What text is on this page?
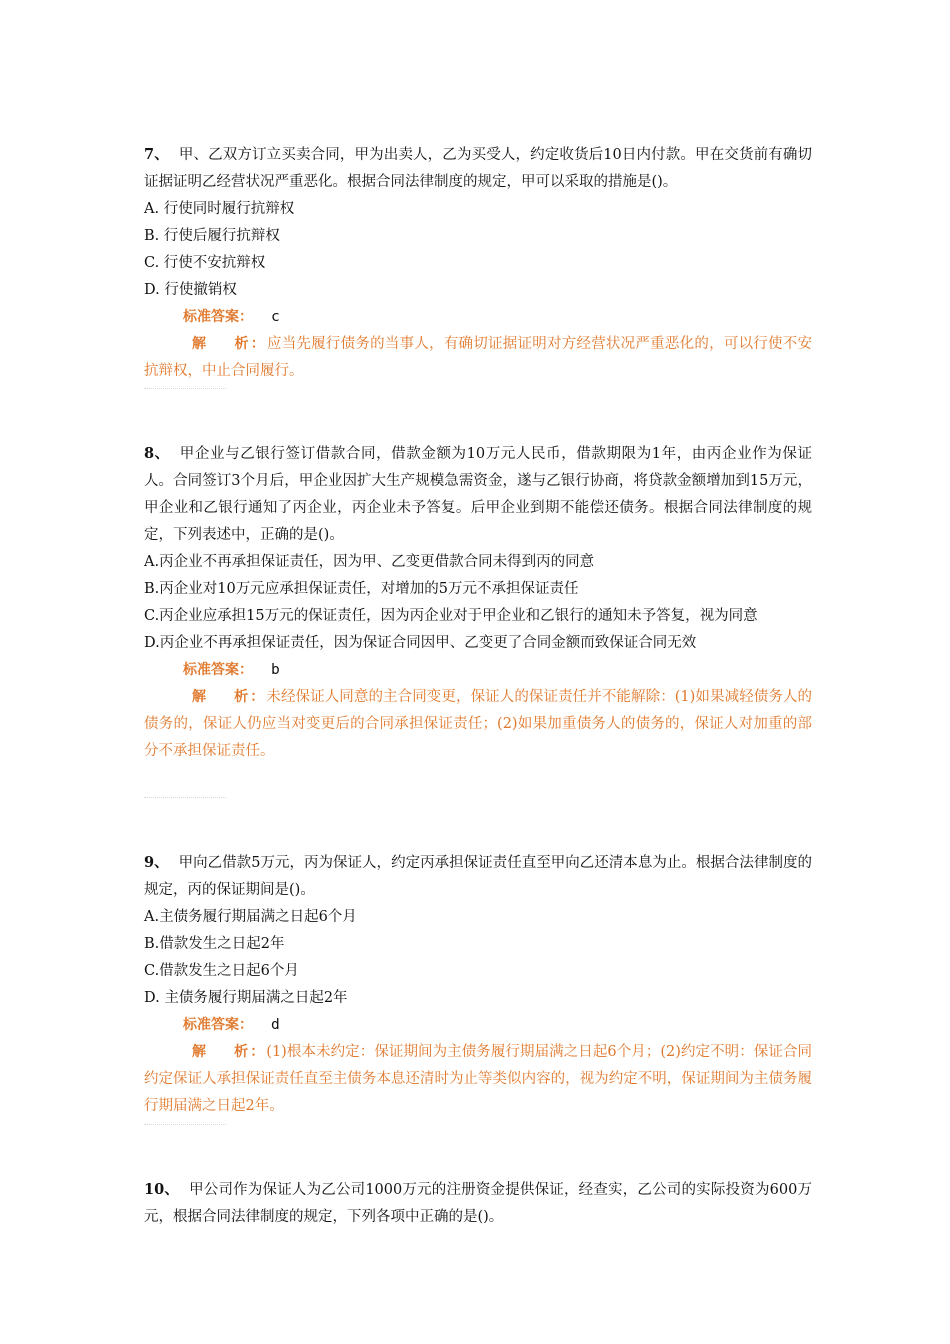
7、 甲、乙双方订立买卖合同，甲为出卖人，乙为买受人，约定收货后10日内付款。甲在交货前有确切证据证明乙经营状况严重恶化。根据合同法律制度的规定，甲可以采取的措施是()。
A. 行使同时履行抗辩权
B. 行使后履行抗辩权
C. 行使不安抗辩权
D. 行使撤销权
标准答案： c
解 析：应当先履行债务的当事人，有确切证据证明对方经营状况严重恶化的，可以行使不安抗辩权，中止合同履行。
8、 甲企业与乙银行签订借款合同，借款金额为10万元人民币，借款期限为1年，由丙企业作为保证人。合同签订3个月后，甲企业因扩大生产规模急需资金，遂与乙银行协商，将贷款金额增加到15万元，甲企业和乙银行通知了丙企业，丙企业未予答复。后甲企业到期不能偿还债务。根据合同法律制度的规定，下列表述中，正确的是()。
A.丙企业不再承担保证责任，因为甲、乙变更借款合同未得到丙的同意
B.丙企业对10万元应承担保证责任，对增加的5万元不承担保证责任
C.丙企业应承担15万元的保证责任，因为丙企业对于甲企业和乙银行的通知未予答复，视为同意
D.丙企业不再承担保证责任，因为保证合同因甲、乙变更了合同金额而致保证合同无效
标准答案： b
解 析：未经保证人同意的主合同变更，保证人的保证责任并不能解除：(1)如果减轻债务人的债务的，保证人仍应当对变更后的合同承担保证责任；(2)如果加重债务人的债务的，保证人对加重的部分不承担保证责任。
9、 甲向乙借款5万元，丙为保证人，约定丙承担保证责任直至甲向乙还清本息为止。根据合法律制度的规定，丙的保证期间是()。
A.主债务履行期届满之日起6个月
B.借款发生之日起2年
C.借款发生之日起6个月
D. 主债务履行期届满之日起2年
标准答案： d
解 析：(1)根本未约定：保证期间为主债务履行期届满之日起6个月；(2)约定不明：保证合同约定保证人承担保证责任直至主债务本息还清时为止等类似内容的，视为约定不明，保证期间为主债务履行期届满之日起2年。
10、 甲公司作为保证人为乙公司1000万元的注册资金提供保证，经查实，乙公司的实际投资为600万元，根据合同法律制度的规定，下列各项中正确的是()。
